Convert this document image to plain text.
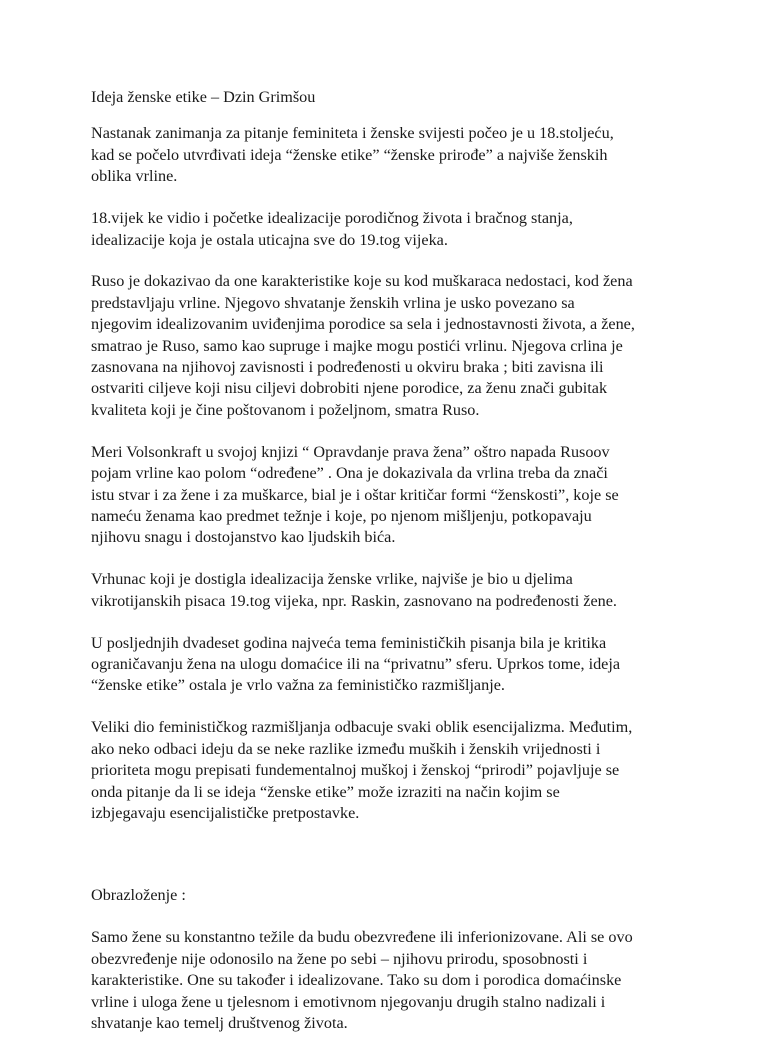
Ideja ženske etike – Dzin Grimšou
Nastanak zanimanja za pitanje feminiteta i ženske svijesti počeo je u 18.stoljeću,
kad se počelo utvrđivati ideja “ženske etike” “ženske prirođe” a najviše ženskih
oblika vrline.
18.vijek ke vidio i početke idealizacije porodičnog života i bračnog stanja,
idealizacije koja je ostala uticajna sve do 19.tog vijeka.
Ruso je dokazivao da one karakteristike koje su kod muškaraca nedostaci, kod žena
predstavljaju vrline. Njegovo shvatanje ženskih vrlina je usko povezano sa
njegovim idealizovanim uviđenjima porodice sa sela i jednostavnosti života, a žene,
smatrao je Ruso, samo kao supruge i majke mogu postići vrlinu. Njegova crlina je
zasnovana na njihovoj zavisnosti i podređenosti u okviru braka ; biti zavisna ili
ostvariti ciljeve koji nisu ciljevi dobrobiti njene porodice, za ženu znači gubitak
kvaliteta koji je čine poštovanom i poželjnom, smatra Ruso.
Meri Volsonkraft u svojoj knjizi “ Opravdanje prava žena” oštro napada Rusoov
pojam vrline kao polom “određene” . Ona je dokazivala da vrlina treba da znači
istu stvar i za žene i za muškarce, bial je i oštar kritičar formi “ženskosti”, koje se
nameću ženama kao predmet težnje i koje, po njenom mišljenju, potkopavaju
njihovu snagu i dostojanstvo kao ljudskih bića.
Vrhunac koji je dostigla idealizacija ženske vrlike, najviše je bio u djelima
vikrotijanskih pisaca 19.tog vijeka, npr. Raskin, zasnovano na podređenosti žene.
U posljednjih dvadeset godina najveća tema feminističkih pisanja bila je kritika
ograničavanju žena na ulogu domaćice ili na “privatnu” sferu. Uprkos tome, ideja
“ženske etike” ostala je vrlo važna za feminističko razmišljanje.
Veliki dio feminističkog razmišljanja odbacuje svaki oblik esencijalizma. Međutim,
ako neko odbaci ideju da se neke razlike između muških i ženskih vrijednosti i
prioriteta mogu prepisati fundementalnoj muškoj i ženskoj “prirodi” pojavljuje se
onda pitanje da li se ideja “ženske etike” može izraziti na način kojim se
izbjegavaju esencijalističke pretpostavke.
Obrazloženje :
Samo žene su konstantno težile da budu obezvređene ili inferionizovane. Ali se ovo
obezvređenje nije odonosilo na žene po sebi – njihovu prirodu, sposobnosti i
karakteristike. One su također i idealizovane. Tako su dom i porodica domaćinske
vrline i uloga žene u tjelesnom i emotivnom njegovanju drugih stalno nadizali i
shvatanje kao temelj društvenog života.
